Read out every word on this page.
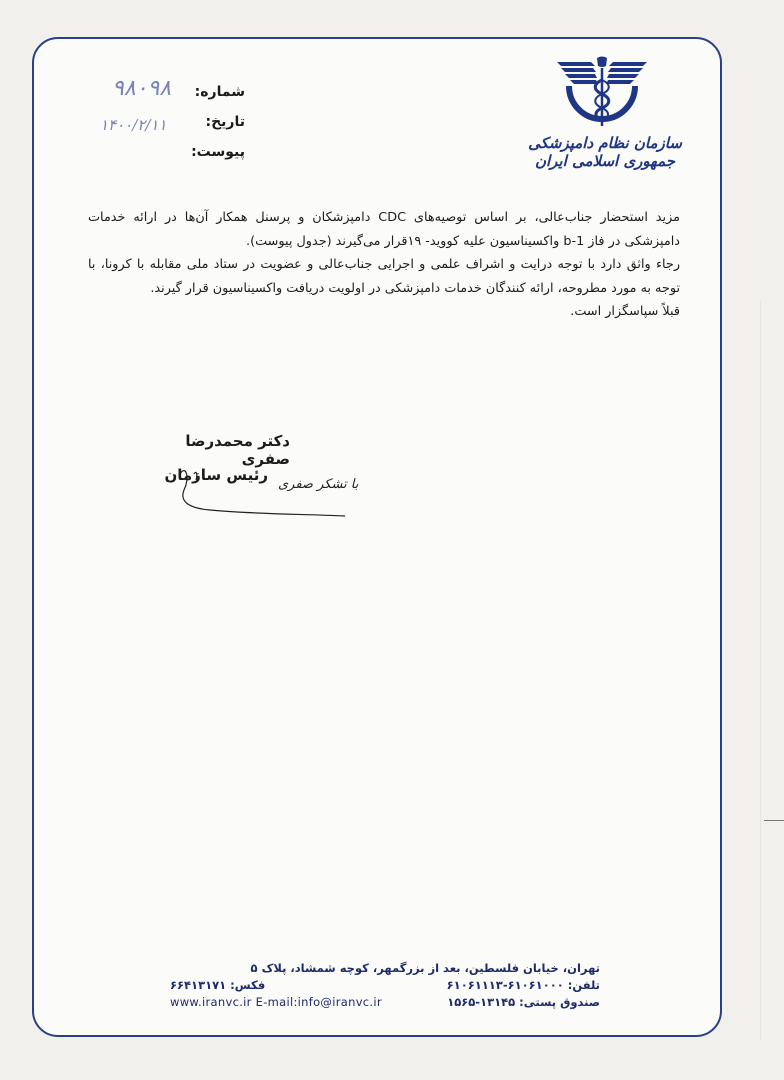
سازمان نظام دامپزشکی جمهوری اسلامی ایران
شماره:
۹۸۰۹۸
تاریخ:
۱۴۰۰/۲/۱۱
پیوست:

مزید استحضار جناب‌عالی، بر اساس توصیه‌های CDC دامپزشکان و پرسنل همکار آن‌ها در ارائه خدمات دامپزشکی در فاز 1-b واکسیناسیون علیه کووید- ۱۹قرار می‌گیرند (جدول پیوست).

رجاء واثق دارد با توجه درایت و اشراف علمی و اجرایی جناب‌عالی و عضویت در ستاد ملی مقابله با کرونا، با توجه به مورد مطروحه، ارائه کنندگان خدمات دامپزشکی در اولویت دریافت واکسیناسیون قرار گیرند.

قبلاً سپاسگزار است.

دکتر محمدرضا صفری
با تشکر صفری
رئیس سازمان
تهران، خیابان فلسطین، بعد از بزرگمهر، کوچه شمشاد، پلاک ۵
تلفن: ۶۱۰۶۱۰۰۰-۶۱۰۶۱۱۱۳
فکس: ۶۶۴۱۳۱۷۱
صندوق پستی: ۱۳۱۴۵-۱۵۶۵
www.iranvc.ir E-mail:info@iranvc.ir
